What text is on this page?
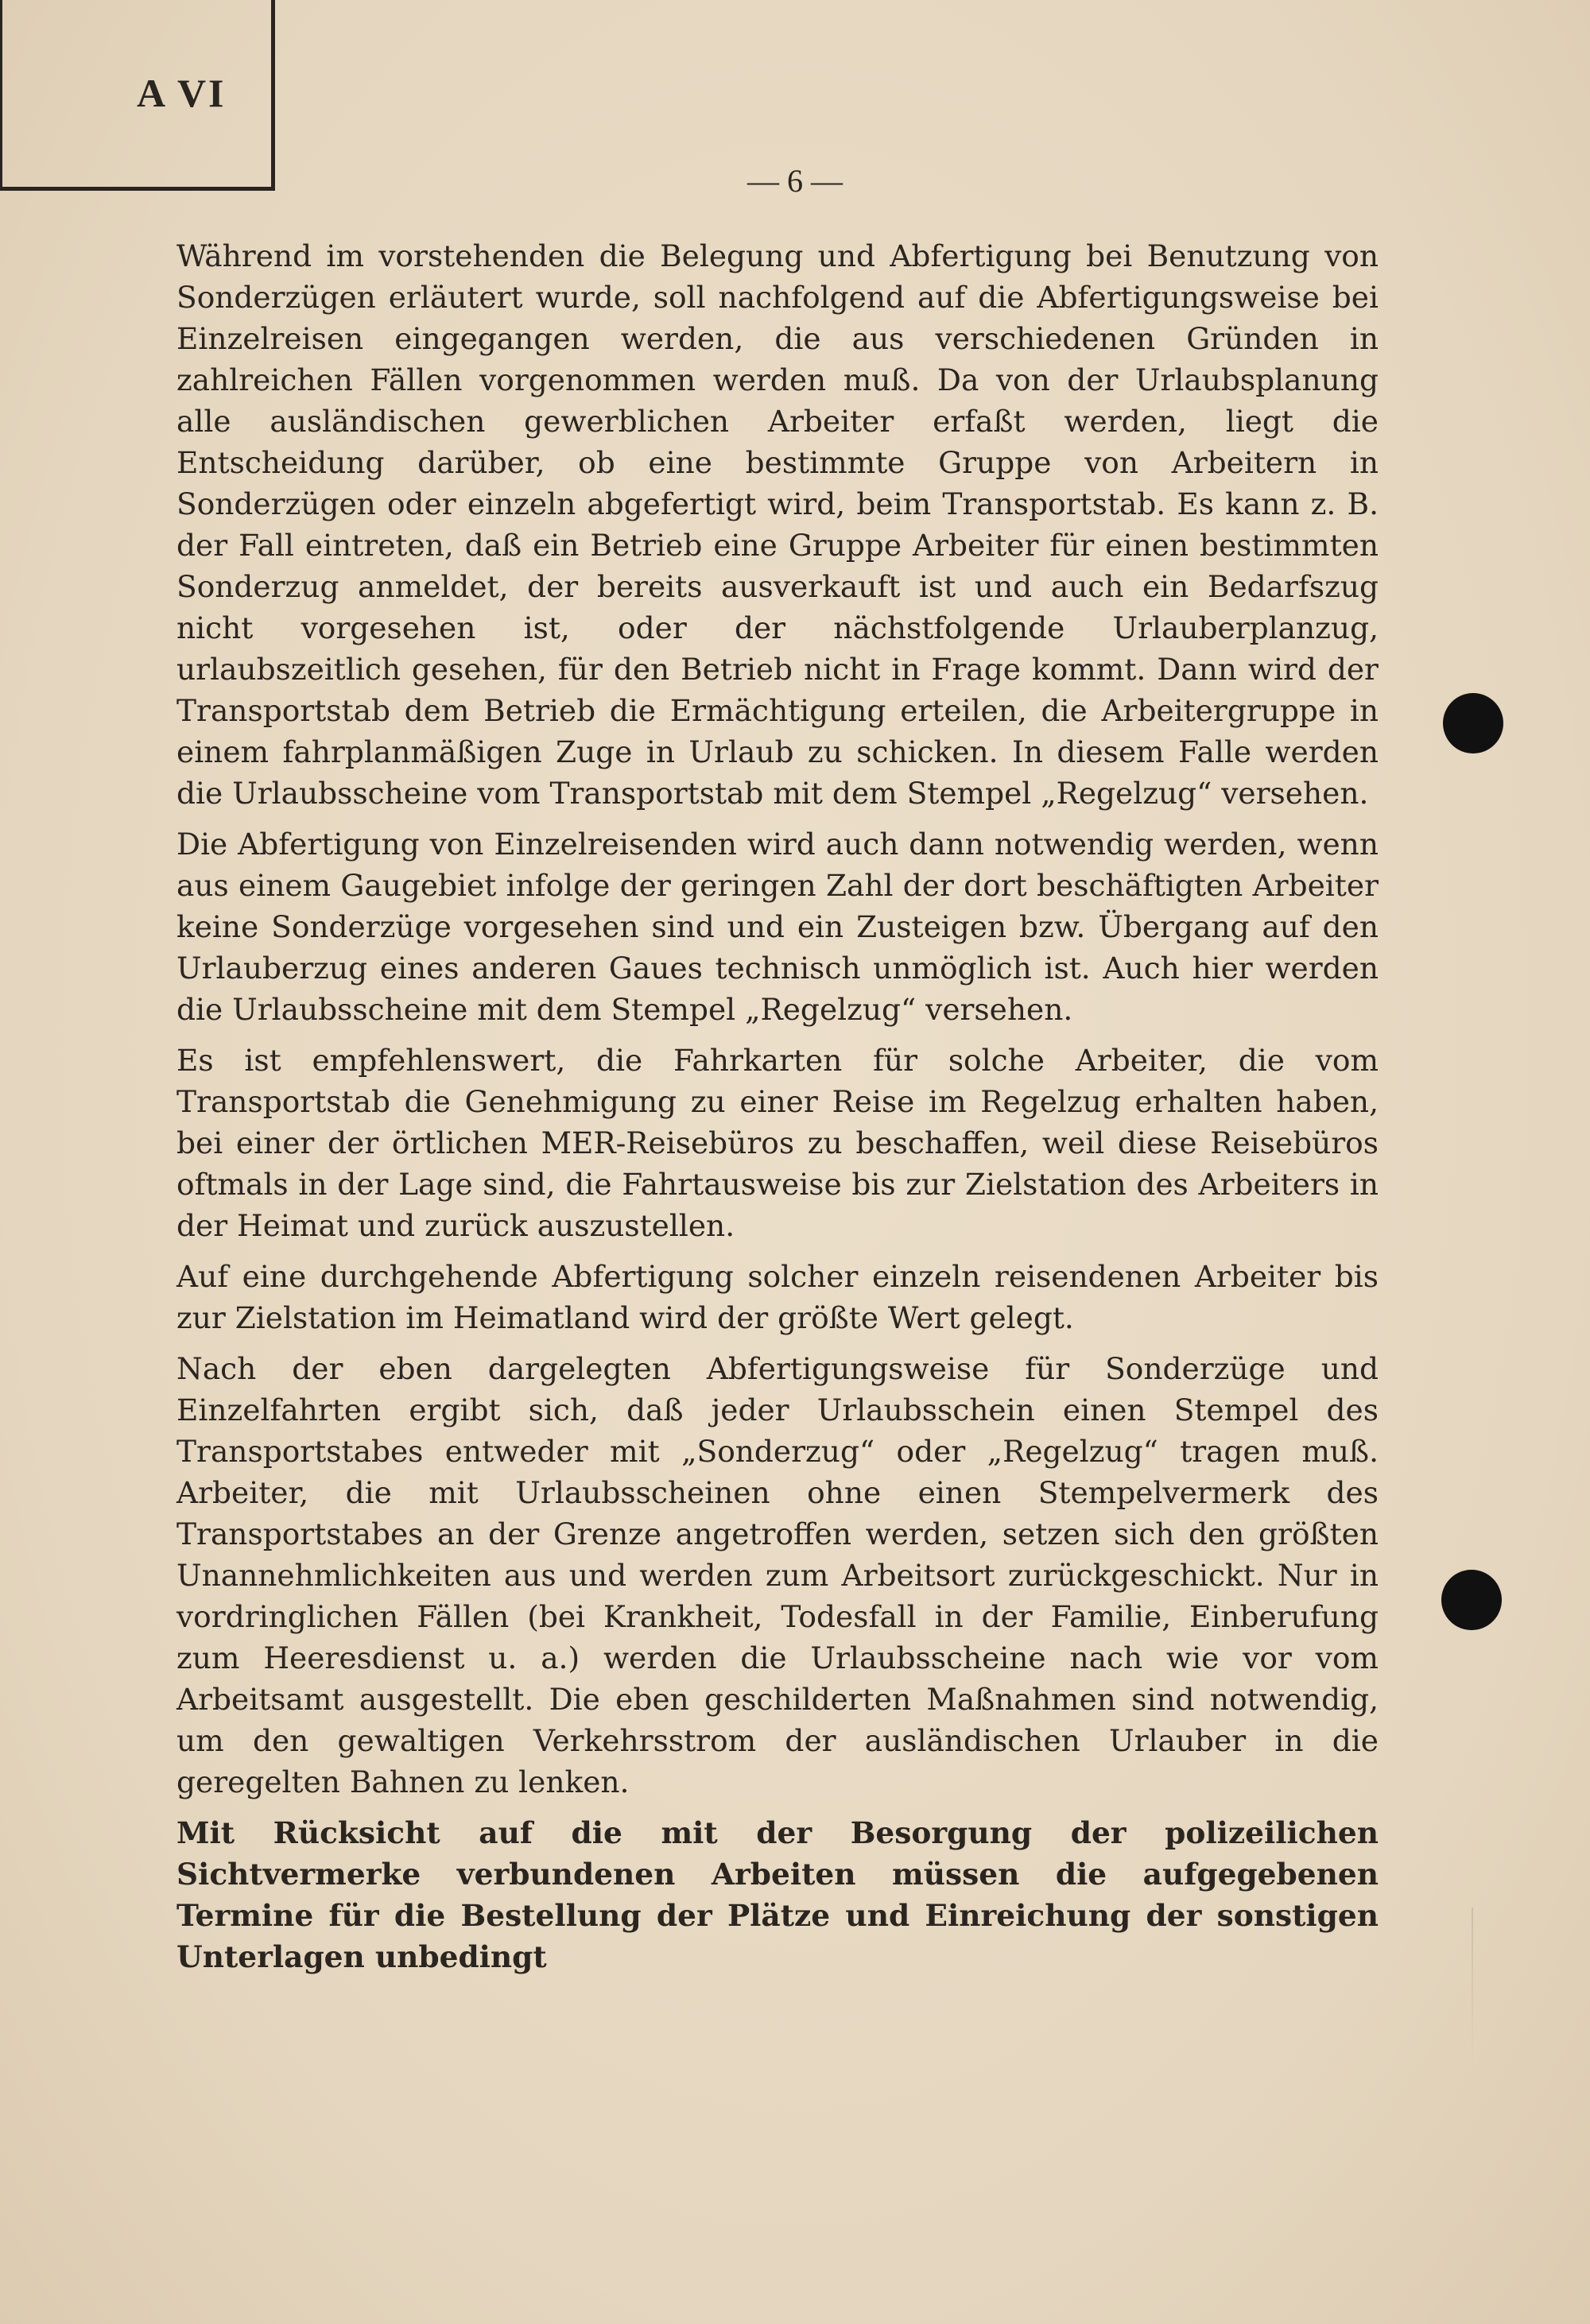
A VI
— 6 —

Während im vorstehenden die Belegung und Abfertigung bei Benutzung von Sonderzügen erläutert wurde, soll nachfolgend auf die Abfertigungsweise bei Einzelreisen eingegangen werden, die aus verschiedenen Gründen in zahlreichen Fällen vorgenommen werden muß. Da von der Urlaubsplanung alle ausländischen gewerblichen Arbeiter erfaßt werden, liegt die Entscheidung darüber, ob eine bestimmte Gruppe von Arbeitern in Sonderzügen oder einzeln abgefertigt wird, beim Transportstab. Es kann z. B. der Fall eintreten, daß ein Betrieb eine Gruppe Arbeiter für einen bestimmten Sonderzug anmeldet, der bereits ausverkauft ist und auch ein Bedarfszug nicht vorgesehen ist, oder der nächstfolgende Urlauberplanzug, urlaubszeitlich gesehen, für den Betrieb nicht in Frage kommt. Dann wird der Transportstab dem Betrieb die Ermächtigung erteilen, die Arbeitergruppe in einem fahrplanmäßigen Zuge in Urlaub zu schicken. In diesem Falle werden die Urlaubsscheine vom Transportstab mit dem Stempel „Regelzug“ versehen.

Die Abfertigung von Einzelreisenden wird auch dann notwendig werden, wenn aus einem Gaugebiet infolge der geringen Zahl der dort beschäftigten Arbeiter keine Sonderzüge vorgesehen sind und ein Zusteigen bzw. Übergang auf den Urlauberzug eines anderen Gaues technisch unmöglich ist. Auch hier werden die Urlaubsscheine mit dem Stempel „Regelzug“ versehen.

Es ist empfehlenswert, die Fahrkarten für solche Arbeiter, die vom Transportstab die Genehmigung zu einer Reise im Regelzug erhalten haben, bei einer der örtlichen MER-Reisebüros zu beschaffen, weil diese Reisebüros oftmals in der Lage sind, die Fahrtausweise bis zur Zielstation des Arbeiters in der Heimat und zurück auszustellen.

Auf eine durchgehende Abfertigung solcher einzeln reisendenen Arbeiter bis zur Zielstation im Heimatland wird der größte Wert gelegt.

Nach der eben dargelegten Abfertigungsweise für Sonderzüge und Einzelfahrten ergibt sich, daß jeder Urlaubsschein einen Stempel des Transportstabes entweder mit „Sonderzug“ oder „Regelzug“ tragen muß. Arbeiter, die mit Urlaubsscheinen ohne einen Stempelvermerk des Transportstabes an der Grenze angetroffen werden, setzen sich den größten Unannehmlichkeiten aus und werden zum Arbeitsort zurückgeschickt. Nur in vordringlichen Fällen (bei Krankheit, Todesfall in der Familie, Einberufung zum Heeresdienst u. a.) werden die Urlaubsscheine nach wie vor vom Arbeitsamt ausgestellt. Die eben geschilderten Maßnahmen sind notwendig, um den gewaltigen Verkehrsstrom der ausländischen Urlauber in die geregelten Bahnen zu lenken.

Mit Rücksicht auf die mit der Besorgung der polizeilichen Sichtvermerke verbundenen Arbeiten müssen die aufgegebenen Termine für die Bestellung der Plätze und Einreichung der sonstigen Unterlagen unbedingt
